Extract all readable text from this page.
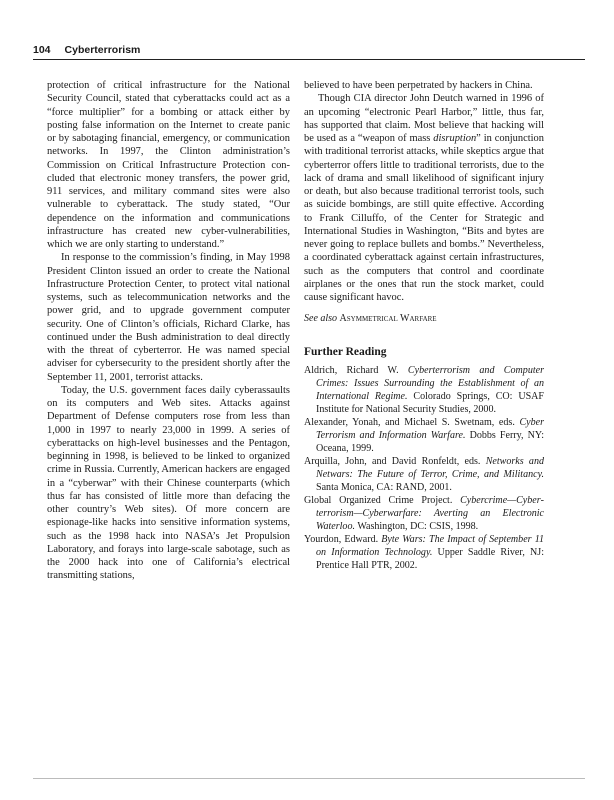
104 Cyberterrorism

protection of critical infrastructure for the National Security Council, stated that cyberattacks could act as a “force multiplier” for a bombing or attack either by posting false information on the Internet to create panic or by sabotaging financial, emergency, or communication networks. In 1997, the Clinton administration’s Commission on Critical Infrastructure Protection concluded that electronic money transfers, the power grid, 911 services, and military command sites were also vulnerable to cyberattack. The study stated, “Our dependence on the information and communications infrastructure has created new cyber-vulnerabilities, which we are only starting to understand.”

In response to the commission’s finding, in May 1998 President Clinton issued an order to create the National Infrastructure Protection Center, to protect vital national systems, such as telecommunication networks and the power grid, and to upgrade government computer security. One of Clinton’s officials, Richard Clarke, has continued under the Bush administration to deal directly with the threat of cyberterror. He was named special adviser for cybersecurity to the president shortly after the September 11, 2001, terrorist attacks.

Today, the U.S. government faces daily cyberassaults on its computers and Web sites. Attacks against Department of Defense computers rose from less than 1,000 in 1997 to nearly 23,000 in 1999. A series of cyberattacks on high-level businesses and the Pentagon, beginning in 1998, is believed to be linked to organized crime in Russia. Currently, American hackers are engaged in a “cyberwar” with their Chinese counterparts (which thus far has consisted of little more than defacing the other country’s Web sites). Of more concern are espionage-like hacks into sensitive information systems, such as the 1998 hack into NASA’s Jet Propulsion Laboratory, and forays into large-scale sabotage, such as the 2000 hack into one of California’s electrical transmitting stations,

believed to have been perpetrated by hackers in China.

Though CIA director John Deutch warned in 1996 of an upcoming “electronic Pearl Harbor,” little, thus far, has supported that claim. Most believe that hacking will be used as a “weapon of mass disruption” in conjunction with traditional terrorist attacks, while skeptics argue that cyberterror offers little to traditional terrorists, due to the lack of drama and small likelihood of significant injury or death, but also because traditional terrorist tools, such as suicide bombings, are still quite effective. According to Frank Cilluffo, of the Center for Strategic and International Studies in Washington, “Bits and bytes are never going to replace bullets and bombs.” Nevertheless, a coordinated cyberattack against certain infrastructures, such as the computers that control and coordinate airplanes or the ones that run the stock market, could cause significant havoc.

See also Asymmetrical Warfare

Further Reading

Aldrich, Richard W. Cyberterrorism and Computer Crimes: Issues Surrounding the Establishment of an International Regime. Colorado Springs, CO: USAF Institute for National Security Studies, 2000.

Alexander, Yonah, and Michael S. Swetnam, eds. Cyber Terrorism and Information Warfare. Dobbs Ferry, NY: Oceana, 1999.

Arquilla, John, and David Ronfeldt, eds. Networks and Netwars: The Future of Terror, Crime, and Militancy. Santa Monica, CA: RAND, 2001.

Global Organized Crime Project. Cybercrime—Cyberterrorism—Cyberwarfare: Averting an Electronic Waterloo. Washington, DC: CSIS, 1998.

Yourdon, Edward. Byte Wars: The Impact of September 11 on Information Technology. Upper Saddle River, NJ: Prentice Hall PTR, 2002.
